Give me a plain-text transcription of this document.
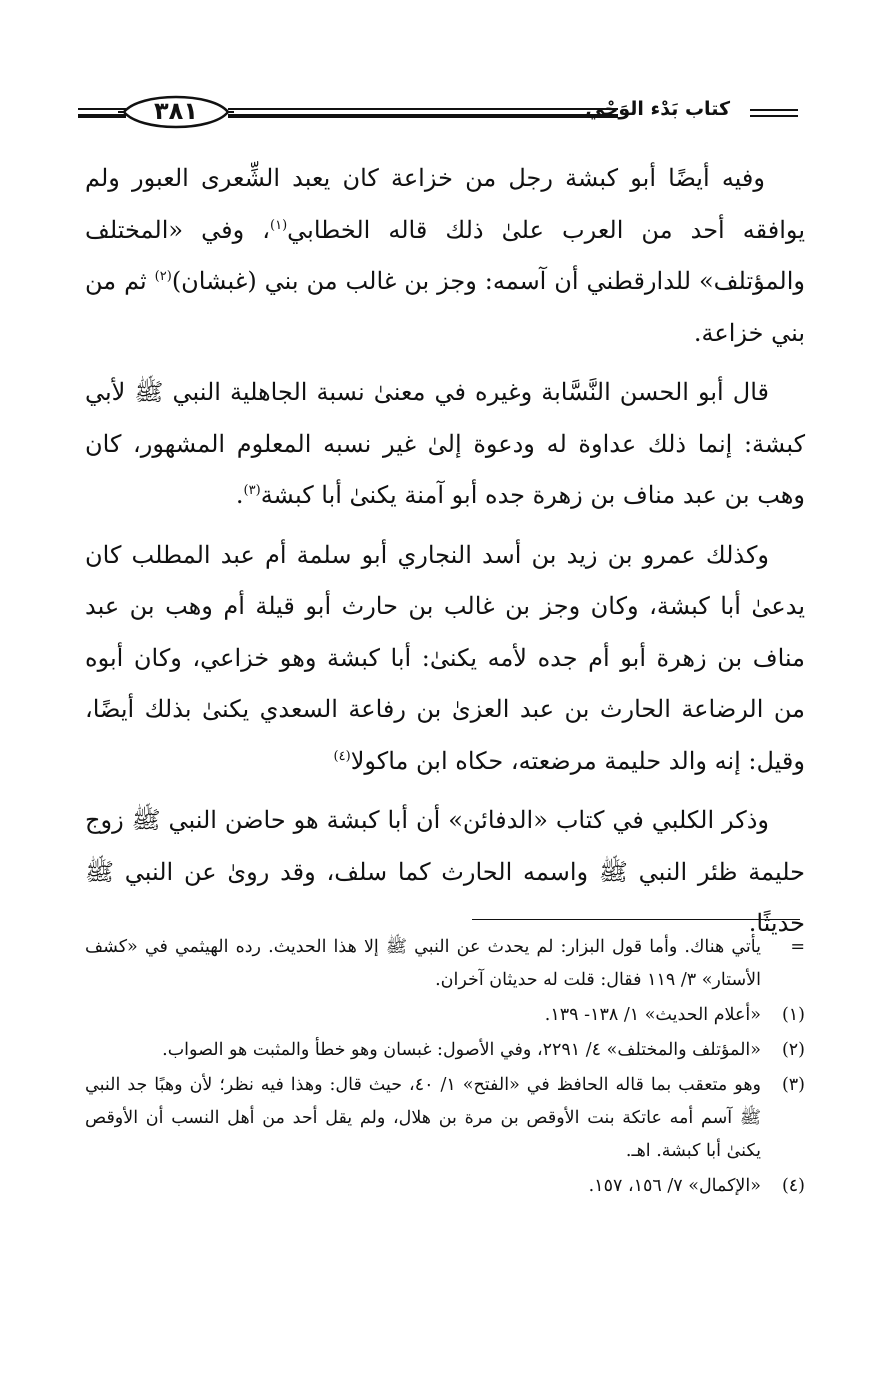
كتاب بَدْء الوَحْي
٣٨١

وفيه أيضًا أبو كبشة رجل من خزاعة كان يعبد الشِّعرى العبور ولم يوافقه أحد من العرب علىٰ ذلك قاله الخطابي$^{(١)}$، وفي «المختلف والمؤتلف» للدارقطني أن آسمه: وجز بن غالب من بني (غبشان)$^{(٢)}$ ثم من بني خزاعة.

قال أبو الحسن النَّسَّابة وغيره في معنىٰ نسبة الجاهلية النبي ﷺ لأبي كبشة: إنما ذلك عداوة له ودعوة إلىٰ غير نسبه المعلوم المشهور، كان وهب بن عبد مناف بن زهرة جده أبو آمنة يكنىٰ أبا كبشة$^{(٣)}$.

وكذلك عمرو بن زيد بن أسد النجاري أبو سلمة أم عبد المطلب كان يدعىٰ أبا كبشة، وكان وجز بن غالب بن حارث أبو قيلة أم وهب بن عبد مناف بن زهرة أبو أم جده لأمه يكنىٰ: أبا كبشة وهو خزاعي، وكان أبوه من الرضاعة الحارث بن عبد العزىٰ بن رفاعة السعدي يكنىٰ بذلك أيضًا، وقيل: إنه والد حليمة مرضعته، حكاه ابن ماكولا$^{(٤)}$

وذكر الكلبي في كتاب «الدفائن» أن أبا كبشة هو حاضن النبي ﷺ زوج حليمة ظئر النبي ﷺ واسمه الحارث كما سلف، وقد روىٰ عن النبي ﷺ حديثًا.

=
يأتي هناك. وأما قول البزار: لم يحدث عن النبي ﷺ إلا هذا الحديث. رده الهيثمي في «كشف الأستار» ٣/ ١١٩ فقال: قلت له حديثان آخران.
(١)
«أعلام الحديث» ١/ ١٣٨- ١٣٩.
(٢)
«المؤتلف والمختلف» ٤/ ٢٢٩١، وفي الأصول: غبسان وهو خطأ والمثبت هو الصواب.
(٣)
وهو متعقب بما قاله الحافظ في «الفتح» ١/ ٤٠، حيث قال: وهذا فيه نظر؛ لأن وهبًا جد النبي ﷺ آسم أمه عاتكة بنت الأوقص بن مرة بن هلال، ولم يقل أحد من أهل النسب أن الأوقص يكنىٰ أبا كبشة. اهـ.
(٤)
«الإكمال» ٧/ ١٥٦، ١٥٧.
